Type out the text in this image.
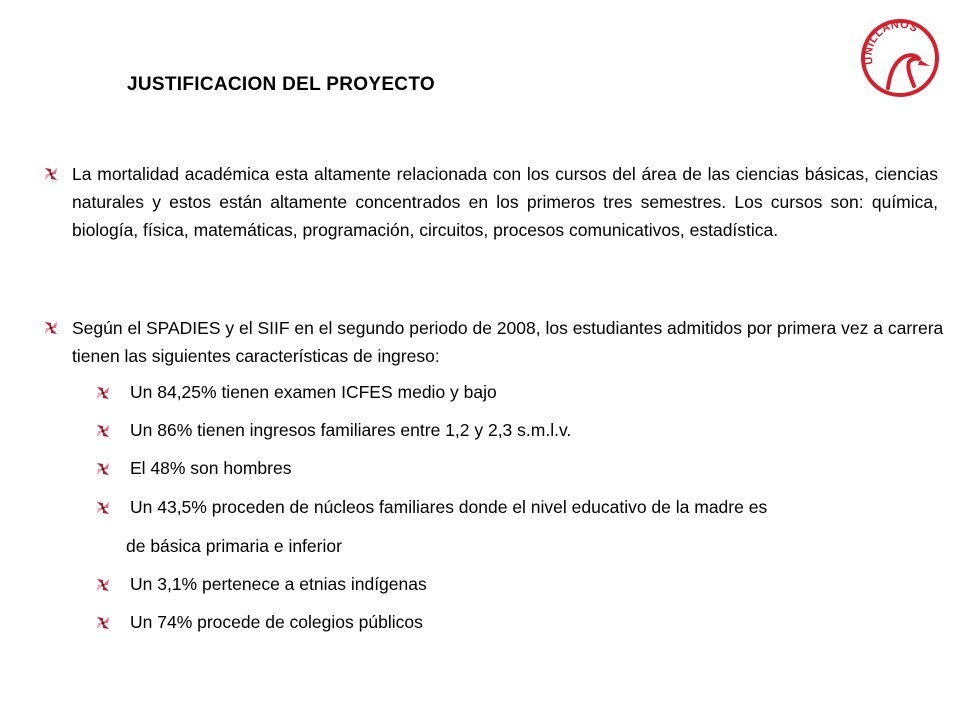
JUSTIFICACION DEL PROYECTO
UNILLANOS

La mortalidad académica esta altamente relacionada con los cursos del área de las ciencias básicas, ciencias naturales y estos están altamente concentrados en los primeros tres semestres. Los cursos son: química, biología, física, matemáticas, programación, circuitos, procesos comunicativos, estadística.

Según el SPADIES y el SIIF en el segundo periodo de 2008, los estudiantes admitidos por primera vez a carrera tienen las siguientes características de ingreso:

Un 84,25% tienen examen ICFES medio y bajo

Un 86% tienen ingresos familiares entre 1,2 y 2,3 s.m.l.v.

El 48% son hombres

Un 43,5% proceden de núcleos familiares donde el nivel educativo de la madre es

de básica primaria e inferior

Un 3,1% pertenece a etnias indígenas

Un 74% procede de colegios públicos
